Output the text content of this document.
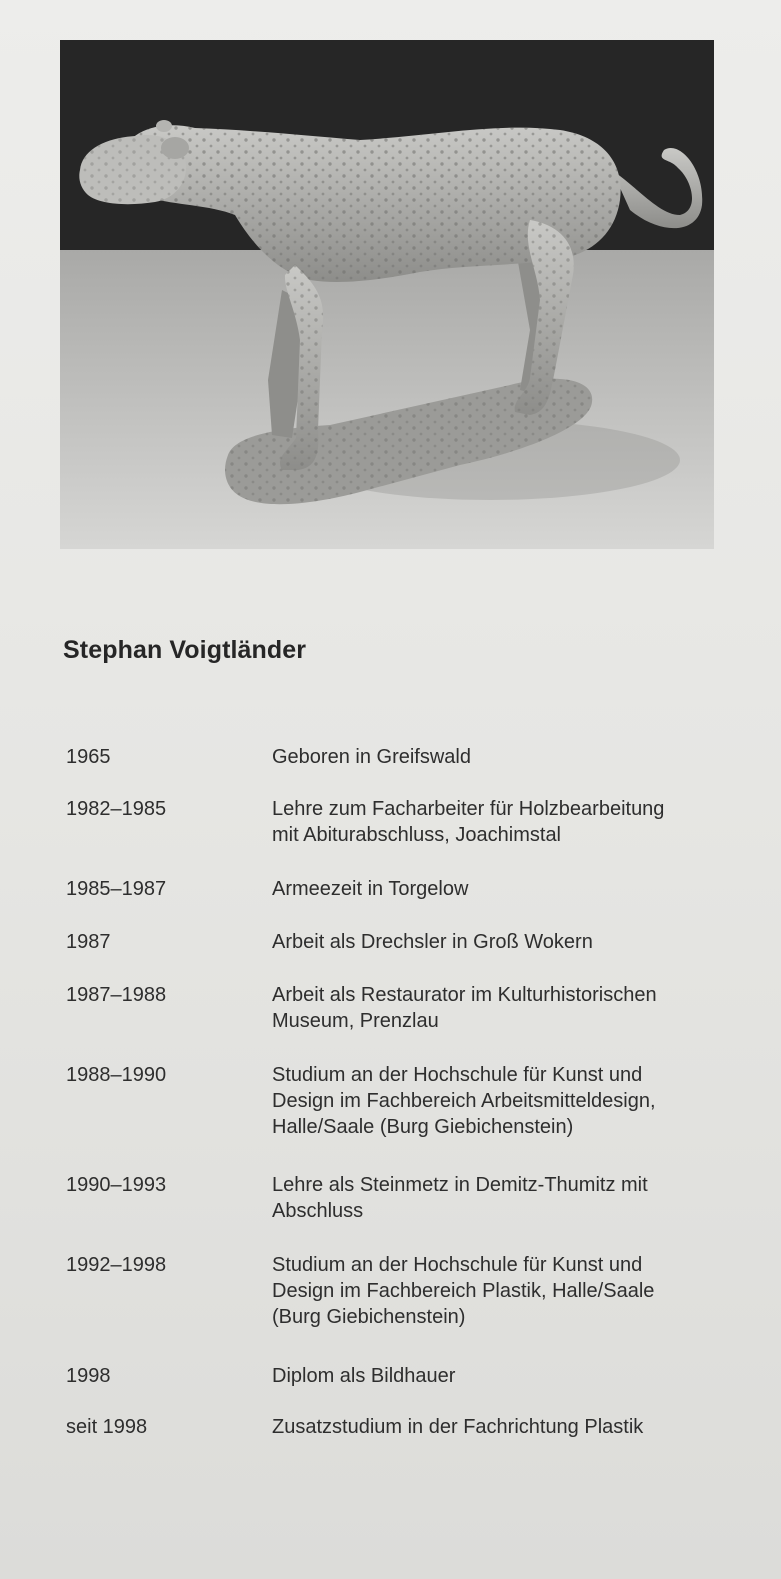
Stephan Voigtländer
1965	Geboren in Greifswald
1982–1985	Lehre zum Facharbeiter für Holzbearbeitung
mit Abiturabschluss, Joachimstal
1985–1987	Armeezeit in Torgelow
1987	Arbeit als Drechsler in Groß Wokern
1987–1988	Arbeit als Restaurator im Kulturhistorischen
Museum, Prenzlau
1988–1990	Studium an der Hochschule für Kunst und
Design im Fachbereich Arbeitsmitteldesign,
Halle/Saale (Burg Giebichenstein)
1990–1993	Lehre als Steinmetz in Demitz-Thumitz mit
Abschluss
1992–1998	Studium an der Hochschule für Kunst und
Design im Fachbereich Plastik, Halle/Saale
(Burg Giebichenstein)
1998	Diplom als Bildhauer
seit 1998	Zusatzstudium in der Fachrichtung Plastik
